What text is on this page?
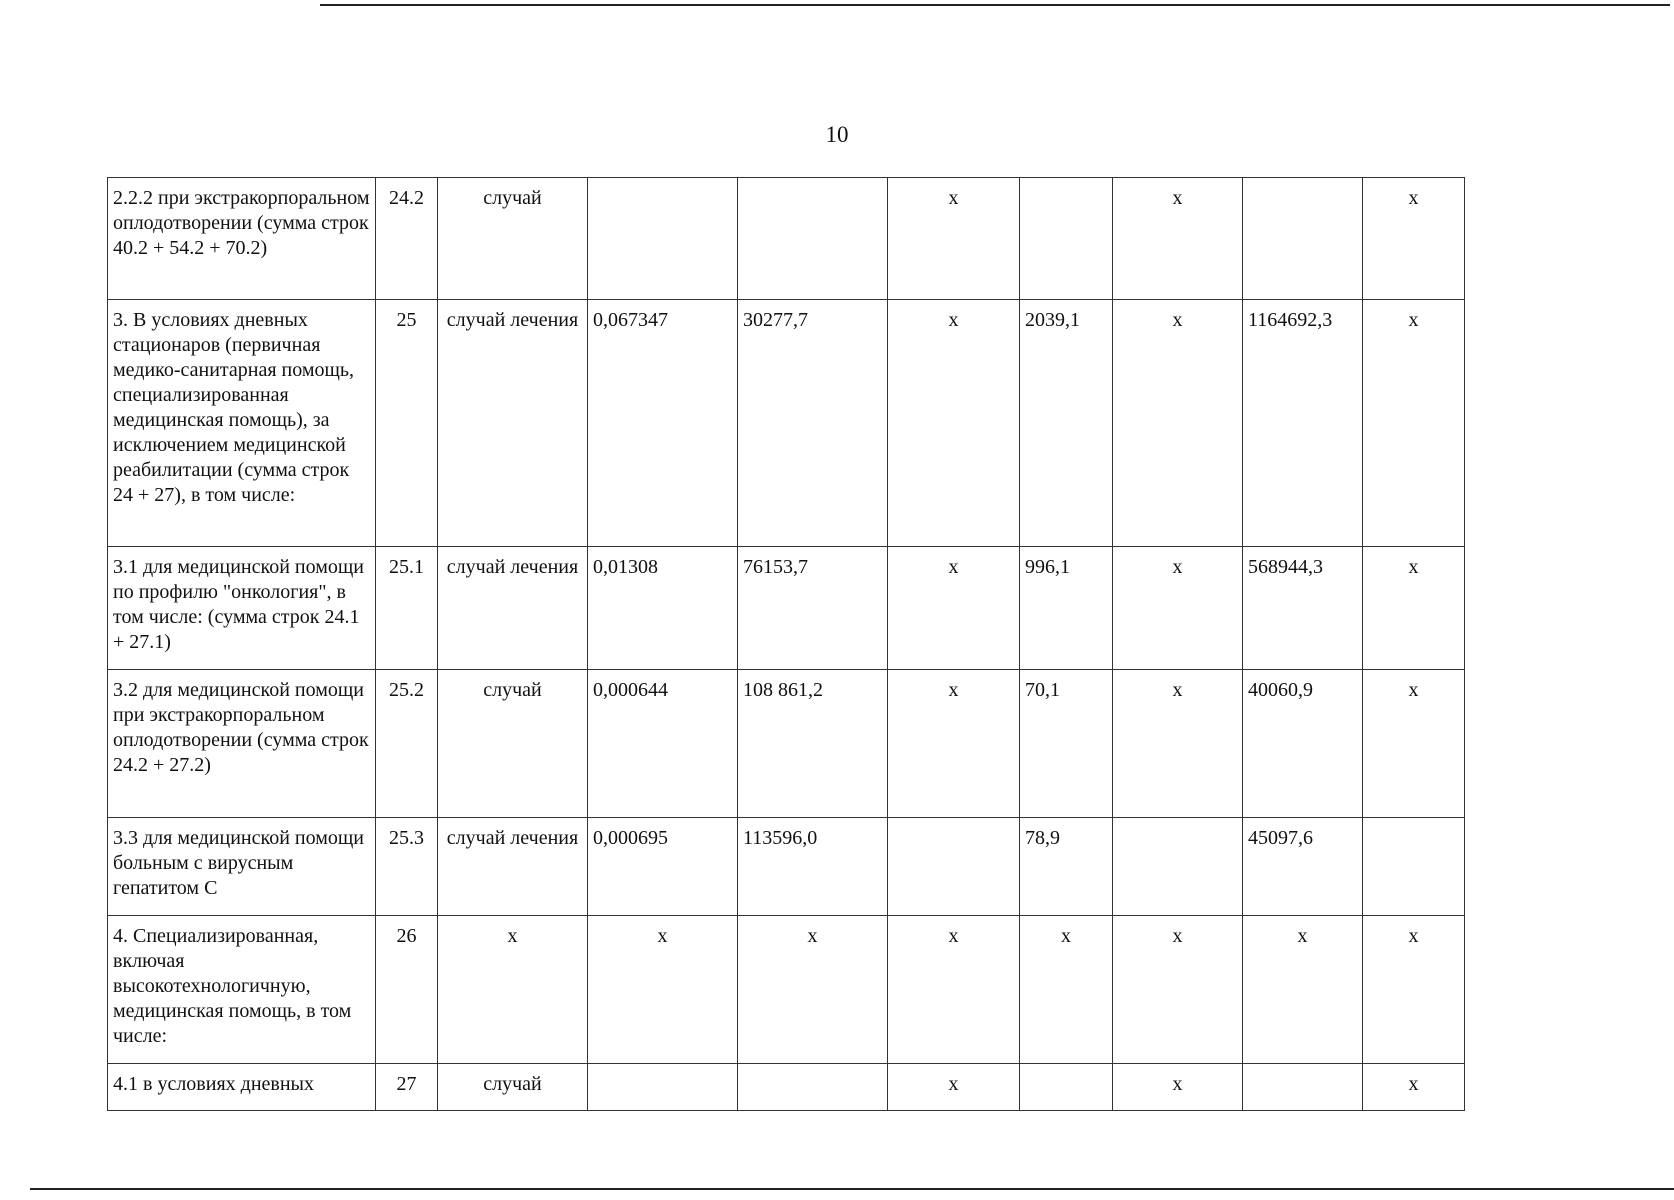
10
2.2.2 при экстракорпоральном оплодотворении (сумма строк 40.2 + 54.2 + 70.2)	24.2	случай			х		х		х
3. В условиях дневных стационаров (первичная медико-санитарная помощь, специализированная медицинская помощь), за исключением медицинской реабилитации (сумма строк 24 + 27), в том числе:	25	случай лечения	0,067347	30277,7	х	2039,1	х	1164692,3	х
3.1 для медицинской помощи по профилю "онкология", в том числе: (сумма строк 24.1 + 27.1)	25.1	случай лечения	0,01308	76153,7	х	996,1	х	568944,3	х
3.2 для медицинской помощи при экстракорпоральном оплодотворении (сумма строк 24.2 + 27.2)	25.2	случай	0,000644	108 861,2	х	70,1	х	40060,9	х
3.3 для медицинской помощи больным с вирусным гепатитом С	25.3	случай лечения	0,000695	113596,0		78,9		45097,6	
4. Специализированная, включая высокотехнологичную, медицинская помощь, в том числе:	26	х	х	х	х	х	х	х	х
4.1 в условиях дневных	27	случай			х		х		х
